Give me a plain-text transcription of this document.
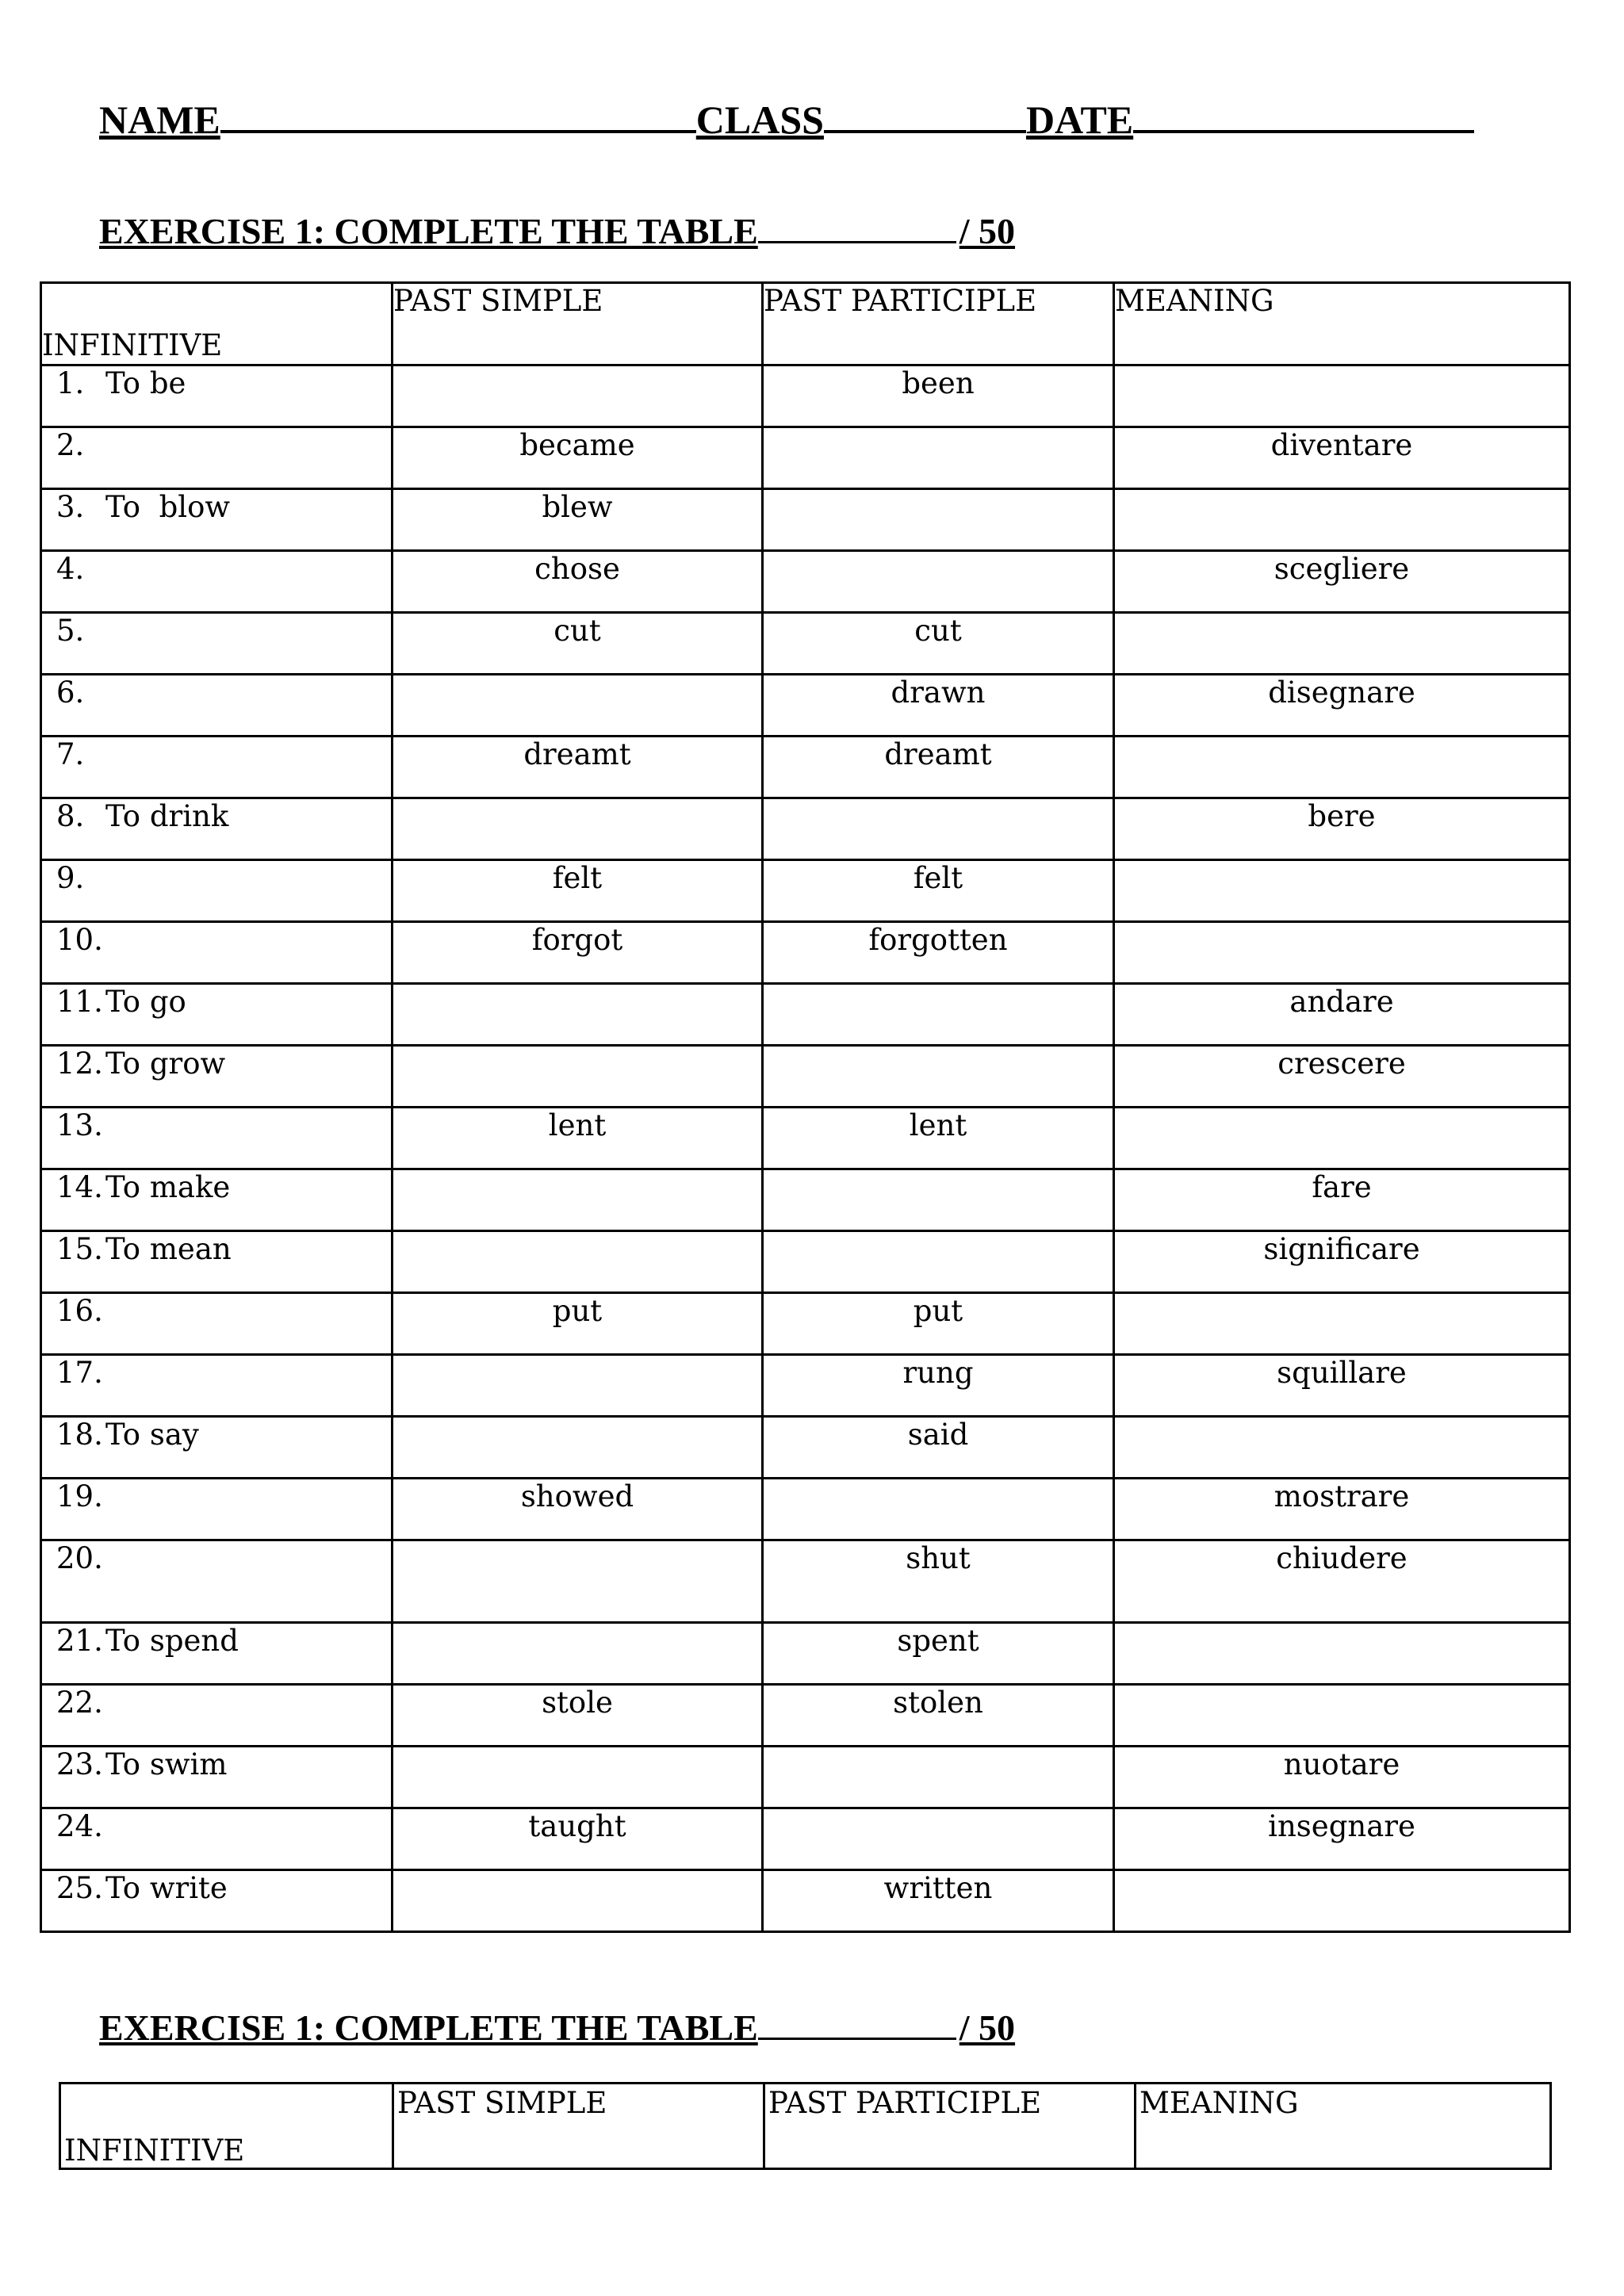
NAME	CLASS	DATE
EXERCISE 1: COMPLETE THE TABLE	/ 50
INFINITIVE	PAST SIMPLE	PAST PARTICIPLE	MEANING
1. To be		been	
2.	became		diventare
3. To  blow	blew		
4.	chose		scegliere
5.	cut	cut	
6.		drawn	disegnare
7.	dreamt	dreamt	
8. To drink			bere
9.	felt	felt	
10.	forgot	forgotten	
11.To go			andare
12.To grow			crescere
13.	lent	lent	
14.To make			fare
15.To mean			significare
16.	put	put	
17.		rung	squillare
18.To say		said	
19.	showed		mostrare
20.		shut	chiudere
21.To spend		spent	
22.	stole	stolen	
23.To swim			nuotare
24.	taught		insegnare
25.To write		written	
EXERCISE 1: COMPLETE THE TABLE	/ 50
INFINITIVE	PAST SIMPLE	PAST PARTICIPLE	MEANING
